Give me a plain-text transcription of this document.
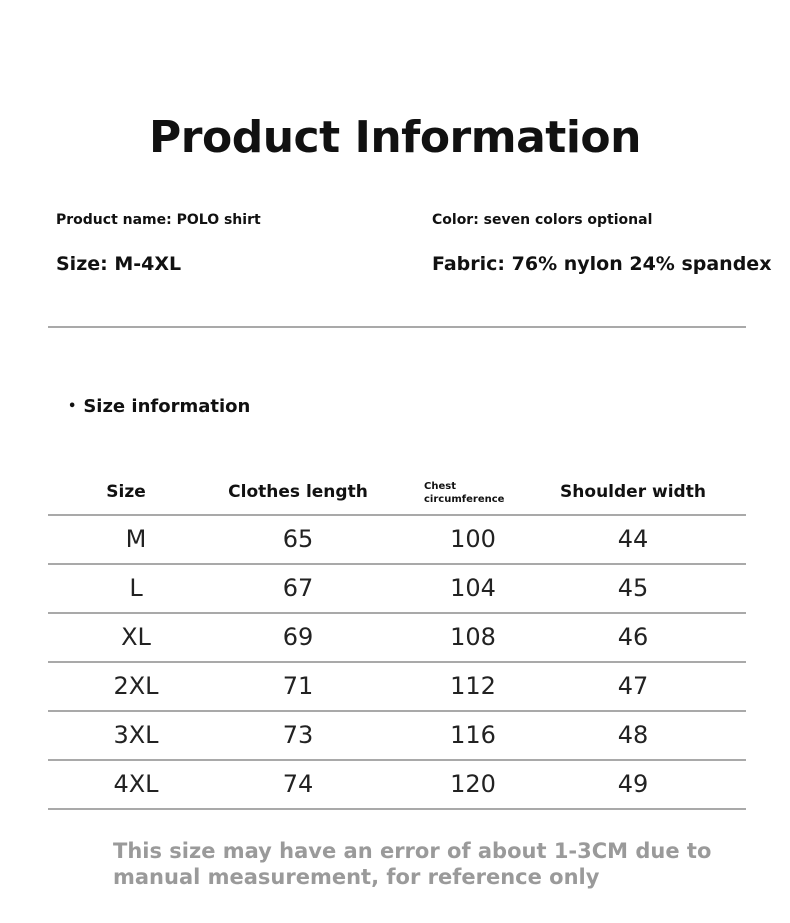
Product Information
Product name: POLO shirt	Color: seven colors optional
Size: M-4XL	Fabric: 76% nylon 24% spandex
• Size information
Size	Clothes length	Chest
circumference	Shoulder width
M	65	100	44
L	67	104	45
XL	69	108	46
2XL	71	112	47
3XL	73	116	48
4XL	74	120	49
This size may have an error of about 1-3CM due to manual measurement, for reference only
